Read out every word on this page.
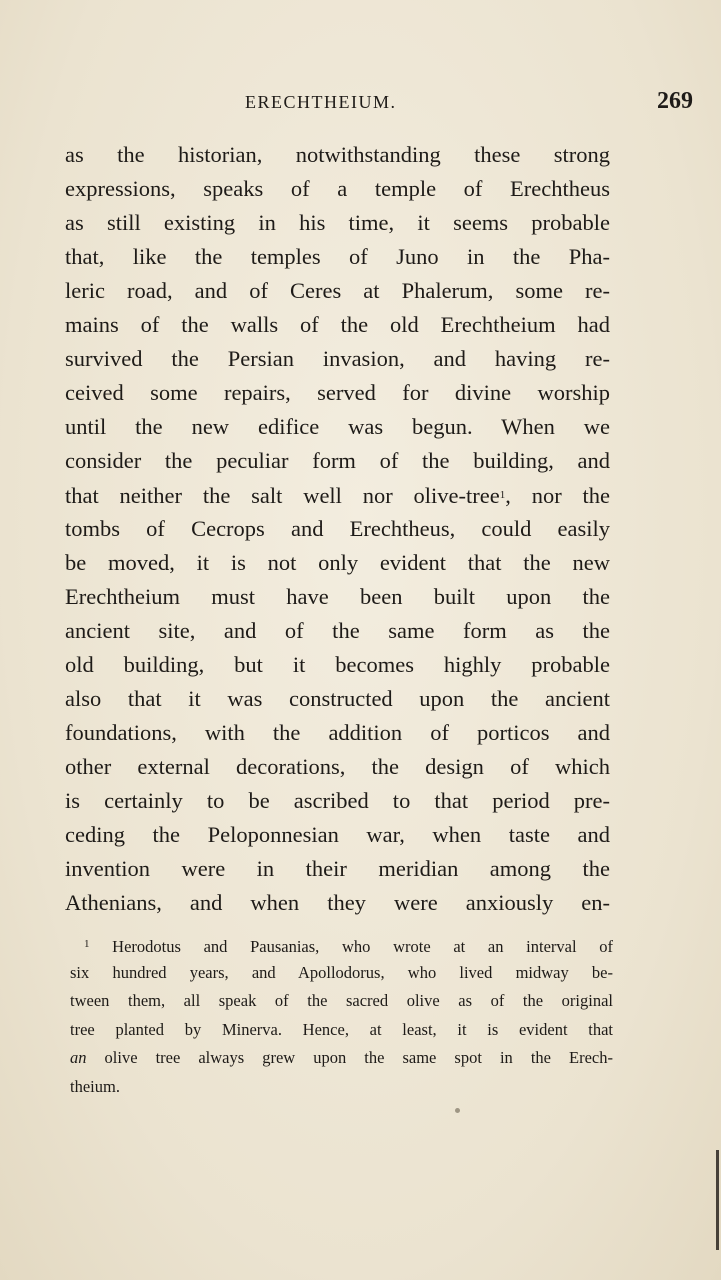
ERECHTHEIUM.	269
as the historian, notwithstanding these strong
expressions, speaks of a temple of Erechtheus
as still existing in his time, it seems probable
that, like the temples of Juno in the Pha-
leric road, and of Ceres at Phalerum, some re-
mains of the walls of the old Erechtheium had
survived the Persian invasion, and having re-
ceived some repairs, served for divine worship
until the new edifice was begun. When we
consider the peculiar form of the building, and
that neither the salt well nor olive-tree$^1$, nor the
tombs of Cecrops and Erechtheus, could easily
be moved, it is not only evident that the new
Erechtheium must have been built upon the
ancient site, and of the same form as the
old building, but it becomes highly probable
also that it was constructed upon the ancient
foundations, with the addition of porticos and
other external decorations, the design of which
is certainly to be ascribed to that period pre-
ceding the Peloponnesian war, when taste and
invention were in their meridian among the
Athenians, and when they were anxiously en-
$^1$ Herodotus and Pausanias, who wrote at an interval of
six hundred years, and Apollodorus, who lived midway be-
tween them, all speak of the sacred olive as of the original
tree planted by Minerva. Hence, at least, it is evident that
an olive tree always grew upon the same spot in the Erech-
theium.
